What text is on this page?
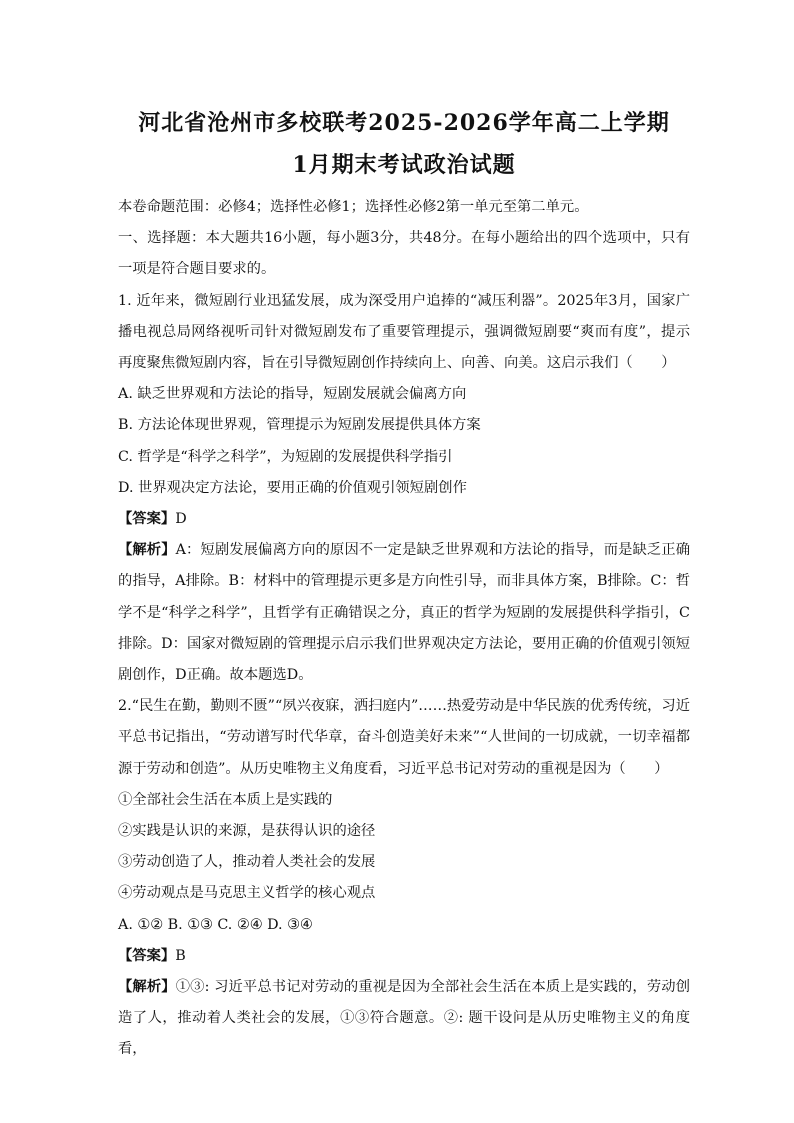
河北省沧州市多校联考2025-2026学年高二上学期
1月期末考试政治试题

本卷命题范围：必修4；选择性必修1；选择性必修2第一单元至第二单元。

一、选择题：本大题共16小题，每小题3分，共48分。在每小题给出的四个选项中，只有一项是符合题目要求的。

1. 近年来，微短剧行业迅猛发展，成为深受用户追捧的“减压利器”。2025年3月，国家广播电视总局网络视听司针对微短剧发布了重要管理提示，强调微短剧要“爽而有度”，提示再度聚焦微短剧内容，旨在引导微短剧创作持续向上、向善、向美。这启示我们（　　）

A. 缺乏世界观和方法论的指导，短剧发展就会偏离方向

B. 方法论体现世界观，管理提示为短剧发展提供具体方案

C. 哲学是“科学之科学”，为短剧的发展提供科学指引

D. 世界观决定方法论，要用正确的价值观引领短剧创作

【答案】D

【解析】A：短剧发展偏离方向的原因不一定是缺乏世界观和方法论的指导，而是缺乏正确的指导，A排除。B：材料中的管理提示更多是方向性引导，而非具体方案，B排除。C：哲学不是“科学之科学”，且哲学有正确错误之分，真正的哲学为短剧的发展提供科学指引，C排除。D：国家对微短剧的管理提示启示我们世界观决定方法论，要用正确的价值观引领短剧创作，D正确。故本题选D。

2.“民生在勤，勤则不匮”“夙兴夜寐，洒扫庭内”……热爱劳动是中华民族的优秀传统，习近平总书记指出，“劳动谱写时代华章，奋斗创造美好未来”“人世间的一切成就，一切幸福都源于劳动和创造”。从历史唯物主义角度看，习近平总书记对劳动的重视是因为（　　）

①全部社会生活在本质上是实践的

②实践是认识的来源，是获得认识的途径

③劳动创造了人，推动着人类社会的发展

④劳动观点是马克思主义哲学的核心观点

A. ①② B. ①③ C. ②④ D. ③④

【答案】B

【解析】①③: 习近平总书记对劳动的重视是因为全部社会生活在本质上是实践的，劳动创造了人，推动着人类社会的发展，①③符合题意。②: 题干设问是从历史唯物主义的角度看，
